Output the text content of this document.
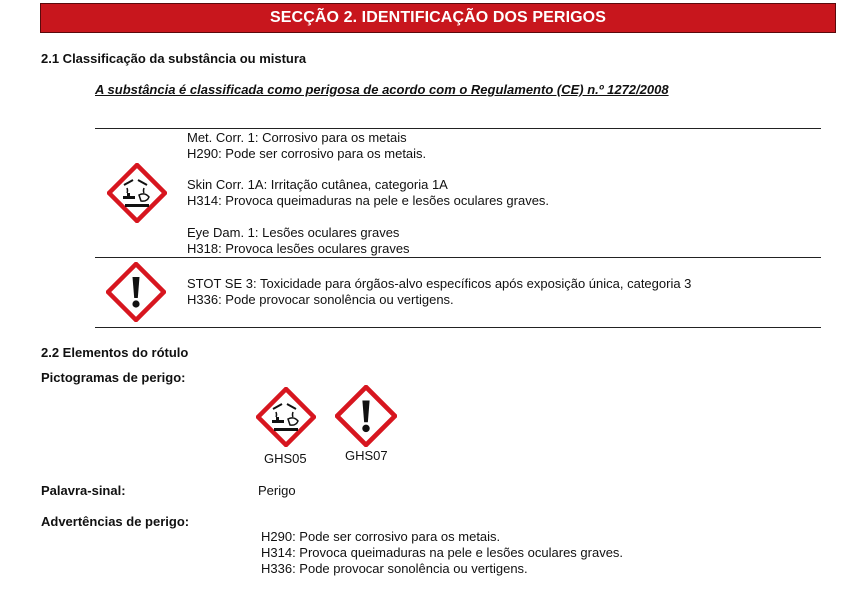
SECÇÃO 2. IDENTIFICAÇÃO DOS PERIGOS
2.1 Classificação da substância ou mistura
A substância é classificada como perigosa de acordo com o Regulamento (CE) n.º 1272/2008
Met. Corr. 1: Corrosivo para os metais
H290: Pode ser corrosivo para os metais.
Skin Corr. 1A: Irritação cutânea, categoria 1A
H314: Provoca queimaduras na pele e lesões oculares graves.
Eye Dam. 1: Lesões oculares graves
H318: Provoca lesões oculares graves
STOT SE 3: Toxicidade para órgãos-alvo específicos após exposição única, categoria 3
H336: Pode provocar sonolência ou vertigens.
2.2 Elementos do rótulo
Pictogramas de perigo:
GHS05	GHS07
Palavra-sinal:	Perigo
Advertências de perigo:
H290: Pode ser corrosivo para os metais.
H314: Provoca queimaduras na pele e lesões oculares graves.
H336: Pode provocar sonolência ou vertigens.
